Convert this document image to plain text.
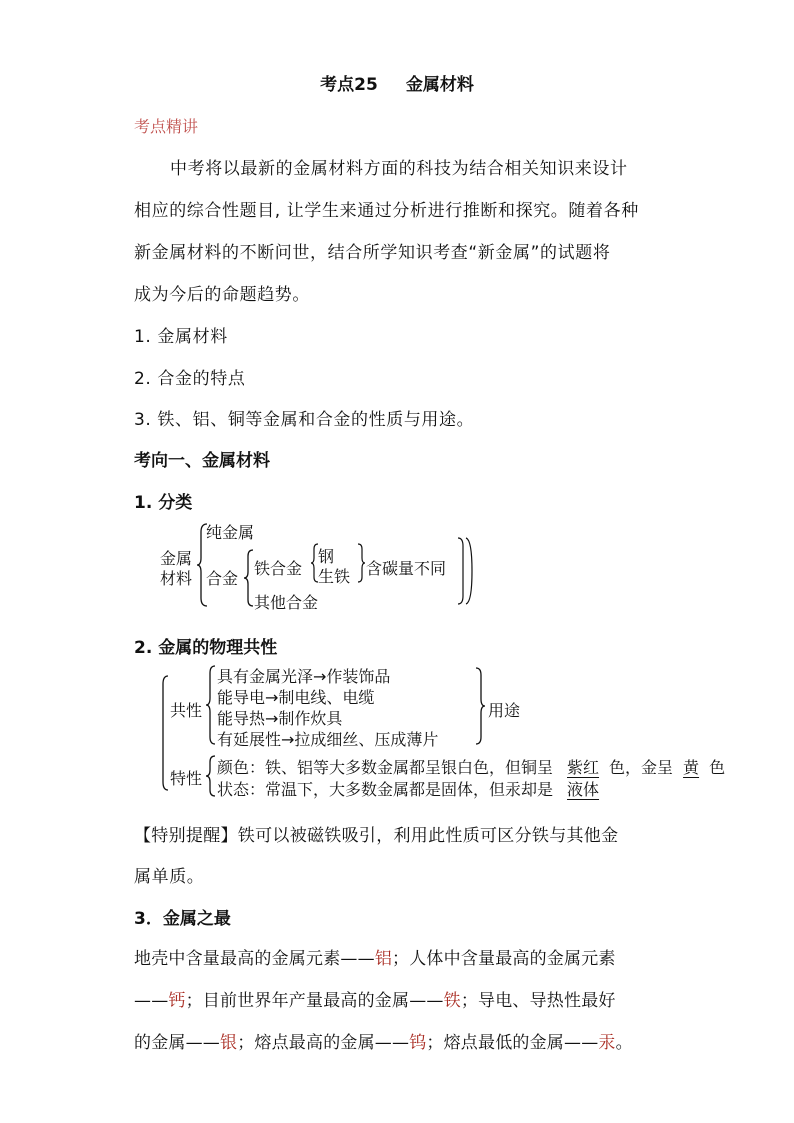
考点25 金属材料
考点精讲
中考将以最新的金属材料方面的科技为结合相关知识来设计
相应的综合性题目, 让学生来通过分析进行推断和探究。随着各种
新金属材料的不断问世，结合所学知识考查“新金属”的试题将
成为今后的命题趋势。
1. 金属材料
2. 合金的特点
3. 铁、铝、铜等金属和合金的性质与用途。
考向一、金属材料
1. 分类
金属
材料
纯金属
合金
铁合金
钢
生铁 含碳量不同
其他合金
2. 金属的物理共性
共性
具有金属光泽→作装饰品
能导电→制电线、电缆
能导热→制作炊具
有延展性→拉成细丝、压成薄片
用途
特性
颜色：铁、铝等大多数金属都呈银白色，但铜呈 紫红 色，金呈 黄 色
状态：常温下，大多数金属都是固体，但汞却是 液体
【特别提醒】铁可以被磁铁吸引，利用此性质可区分铁与其他金
属单质。
3．金属之最
地壳中含量最高的金属元素——铝；人体中含量最高的金属元素
——钙；目前世界年产量最高的金属——铁；导电、导热性最好
的金属——银；熔点最高的金属——钨；熔点最低的金属——汞。
